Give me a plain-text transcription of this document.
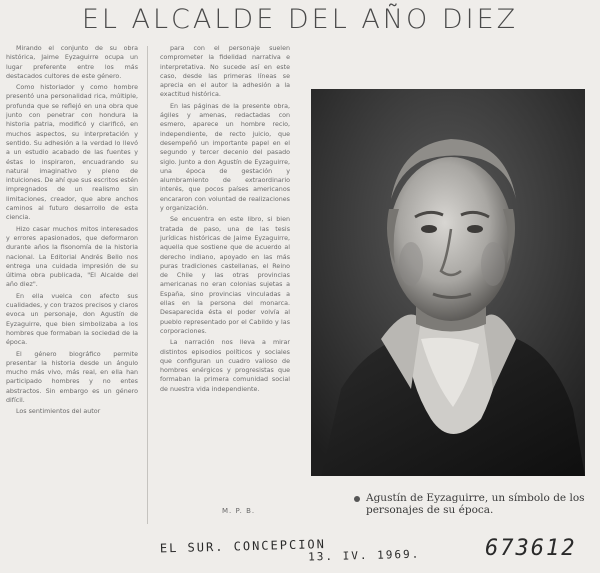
EL ALCALDE DEL AÑO DIEZ

Mirando el conjunto de su obra histórica, Jaime Eyzaguirre ocupa un lugar preferente entre los más destacados cultores de este género.

Como historiador y como hombre presentó una personalidad rica, múltiple, profunda que se reflejó en una obra que junto con penetrar con hondura la historia patria, modificó y clarificó, en muchos aspectos, su interpretación y sentido. Su adhesión a la verdad lo llevó a un estudio acabado de las fuentes y éstas lo inspiraron, encuadrando su natural imaginativo y pleno de intuiciones. De ahí que sus escritos estén impregnados de un realismo sin limitaciones, creador, que abre anchos caminos al futuro desarrollo de esta ciencia.

Hizo casar muchos mitos interesados y errores apasionados, que deformaron durante años la fisonomía de la historia nacional. La Editorial Andrés Bello nos entrega una cuidada impresión de su última obra publicada, "El Alcalde del año diez".

En ella vuelca con afecto sus cualidades, y con trazos precisos y claros evoca un personaje, don Agustín de Eyzaguirre, que bien simbolizaba a los hombres que formaban la sociedad de la época.

El género biográfico permite presentar la historia desde un ángulo mucho más vivo, más real, en ella han participado hombres y no entes abstractos. Sin embargo es un género difícil.

Los sentimientos del autor

para con el personaje suelen comprometer la fidelidad narrativa e interpretativa. No sucede así en este caso, desde las primeras líneas se aprecia en el autor la adhesión a la exactitud histórica.

En las páginas de la presente obra, ágiles y amenas, redactadas con esmero, aparece un hombre recio, independiente, de recto juicio, que desempeñó un importante papel en el segundo y tercer decenio del pasado siglo. Junto a don Agustín de Eyzaguirre, una época de gestación y alumbramiento de extraordinario interés, que pocos países americanos encararon con voluntad de realizaciones y organización.

Se encuentra en este libro, si bien tratada de paso, una de las tesis jurídicas históricas de Jaime Eyzaguirre, aquella que sostiene que de acuerdo al derecho indiano, apoyado en las más puras tradiciones castellanas, el Reino de Chile y las otras provincias americanas no eran colonias sujetas a España, sino provincias vinculadas a ellas en la persona del monarca. Desaparecida ésta el poder volvía al pueblo representado por el Cabildo y las corporaciones.

La narración nos lleva a mirar distintos episodios políticos y sociales que configuran un cuadro valioso de hombres enérgicos y progresistas que formaban la primera comunidad social de nuestra vida independiente.

M. P. B.
Agustín de Eyzaguirre, un símbolo de los personajes de su época.
EL SUR. CONCEPCION
13. IV. 1969.	673612
